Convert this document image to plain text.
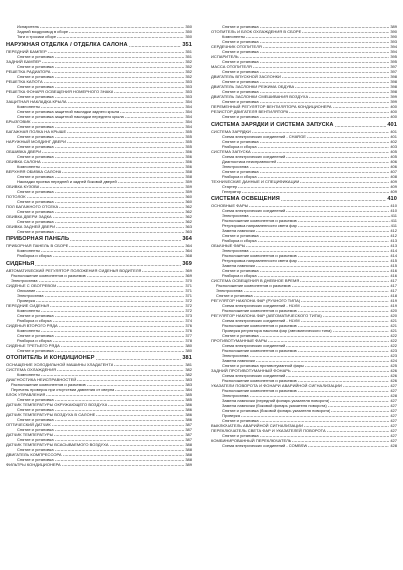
Испаритель	350
Задний воздуховод в сборе	350
Тяги и тросики сборе	350
НАРУЖНАЯ ОТДЕЛКА / ОТДЕЛКА САЛОНА	351
ПЕРЕДНИЙ БАМПЕР	351
Снятие и установка	351
ЗАДНИЙ БАМПЕР	352
Снятие и установка	352
РЕШЕТКА РАДИАТОРА	352
Снятие и установка	352
РЕШЕТКА КАПОТА	353
Снятие и установка	353
РЕШЕТКА ФОНАРЯ ОСВЕЩЕНИЯ НОМЕРНОГО ЗНАКА	353
Снятие и установка	353
ЗАЩИТНАЯ НАКЛАДКА КРЫЛА	354
Компоненты	354
Снятие и установка защитной накладки заднего крыла	354
Снятие и установка защитной накладки переднего крыла	354
БРЫЗГОВИК	354
Снятие и установка	354
БАГАЖНАЯ ПОЛКА НА КРЫШЕ	355
Снятие и установка	355
НАРУЖНЫЙ МОЛДИНГ ДВЕРИ	355
Снятие и установка	355
ОБШИВКА ДВЕРИ	356
Снятие и установка	356
ОБИВКА САЛОНА	356
Компоненты	356
ВЕРХНЯЯ ОБИВКА САЛОНА	358
Снятие и установка	358
Накладки проема передней и задней боковой дверей	359
ОБИВКА КУЗОВА	359
Снятие и установка	359
ПОТОЛОК	360
Снятие и установка	360
ПОЛ БАГАЖНОГО ОТСЕКА	362
Снятие и установка	362
ОБИВКА ДВЕРИ ЗАДКА	362
Снятие и установка	362
ОБИВКА ЗАДНЕЙ ДВЕРИ	363
Снятие и установка	363
ПРИБОРНАЯ ПАНЕЛЬ	364
ПРИБОРНАЯ ПАНЕЛЬ В СБОРЕ	364
Компоненты	364
Разборка и сборка	368
СИДЕНЬЯ	369
АВТОМАТИЧЕСКИЙ РЕГУЛЯТОР ПОЛОЖЕНИЯ СИДЕНЬЯ ВОДИТЕЛЯ	369
Расположение компонентов и разъемов	369
Электросхема	370
СИДЕНЬЕ С ОБОГРЕВОМ	371
Описание	371
Электросхема	371
Проверка	372
ПЕРЕДНИЕ СИДЕНЬЯ	372
Компоненты	372
Снятие и установка	373
Разборка и сборка	374
СИДЕНЬЯ ВТОРОГО РЯДА	376
Компоненты	376
Снятие и установка	377
Разборка и сборка	378
СИДЕНЬЕ ТРЕТЬЕГО РЯДА	380
Снятие и установка	380
ОТОПИТЕЛЬ И КОНДИЦИОНЕР	381
ОСНАЩЕНИЕ ХОЛОДИЛЬНОЙ МАШИНЫ ХЛАДАГЕНТА	381
СИСТЕМА ОХЛАЖДЕНИЯ	382
Компоненты	382
ДИАГНОСТИКА НЕИСПРАВНОСТЕЙ	383
Расположение компонентов и разъемов	383
Перечень проверок при отсутствии давления от сверна	384
БЛОК УПРАВЛЕНИЯ	385
Снятие и установка	385
ДАТЧИК ТЕМПЕРАТУРЫ ОКРУЖАЮЩЕГО ВОЗДУХА	386
Снятие и установка	386
ДАТЧИК ТЕМПЕРАТУРЫ ВОЗДУХА В САЛОНЕ	386
Снятие и установка	386
ОПТИЧЕСКИЙ ДАТЧИК	387
Снятие и установка	387
ДАТЧИК ТЕМПЕРАТУРЫ	387
Снятие и установка	387
ДАТЧИК ТЕМПЕРАТУРЫ ВСАСЫВАЕМОГО ВОЗДУХА	388
Снятие и установка	388
ДВИГАТЕЛЬ КОМПРЕССОРА	388
Снятие и установка	388
ФИЛЬТРЫ КОНДИЦИОНЕРА	389
Снятие и установка	389
ОТОПИТЕЛЬ И БЛОК ОХЛАЖДЕНИЯ В СБОРЕ	390
Компоненты	390
Снятие и установка	393
СЕРДЕЧНИК ОТОПИТЕЛЯ	394
Снятие и установка	394
ИСПАРИТЕЛЬ	395
Снятие и установка	395
МАССА ОТОПИТЕЛЯ	397
Снятие и установка	397
ДВИГАТЕЛЬ ВПУСКНОЙ ЗАСЛОНКИ	398
Снятие и установка	398
ДВИГАТЕЛЬ ЗАСЛОНКИ РЕЖИМА ОБДУВА	398
Снятие и установка	398
ДВИГАТЕЛЬ ЗАСЛОНКИ СМЕШИВАНИЯ ВОЗДУХА	399
Снятие и установка	399
ПЕРЕМЕННЫЙ РЕГУЛЯТОР ВЕНТИЛЯТОРА КОНДИЦИОНЕРА	400
РЕЗИСТОР ДВИГАТЕЛЯ ВЕНТИЛЯТОРА	400
Снятие и установка	400
СИСТЕМА ЗАРЯДКИ И СИСТЕМА ЗАПУСКА	401
СИСТЕМА ЗАРЯДКИ	401
Схема электрических соединений - CHARGE	401
Снятие и установка	402
Разборка и сборка	403
СИСТЕМА ЗАПУСКА	405
Схема электрических соединений	405
Диагностика неисправностей	406
Электросхема	406
Снятие и установка	407
Разборка и сборка	408
ТЕХНИЧЕСКИЕ ДАННЫЕ И СПЕЦИФИКАЦИИ	409
Стартер	409
Генератор	409
СИСТЕМА ОСВЕЩЕНИЯ	410
ОСНОВНЫЕ ФАРЫ	410
Схема электрических соединений	410
Электросхема	411
Расположение компонентов и разъемов	411
Регулировка направленности света фар	411
Замена лампочки	412
Снятие и установка	412
Разборка и сборка	413
ОБЫЧНЫЕ ФАРЫ	413
Электросхема	414
Расположение компонентов и разъемов	414
Регулировка направленности света фар	415
Замена лампочки	415
Снятие и установка	416
Разборка и сборка	416
СИСТЕМА ОСВЕЩЕНИЯ В ДНЕВНОЕ ВРЕМЯ	417
Расположение компонентов и разъемов	417
Электросхема	417
Снятие и установка	418
РЕГУЛЯТОР НАКЛОНА ФАР (РУЧНОГО ТИПА)	419
Схема электрических соединений - HLVM	419
Расположение компонентов и разъемов	420
РЕГУЛЯТОР НАКЛОНА ФАР (АВТОМАТИЧЕСКОГО ТИПА)	420
Схема электрических соединений - HLVM	421
Расположение компонентов и разъемов	421
Проверка регулятора наклона фар (автоматического типа)	421
Снятие и установка	422
ПРОТИВОТУМАННЫЕ ФАРЫ	422
Схема электрических соединений	422
Расположение компонентов и разъемов	423
Электросхема	423
Замена лампочки	424
Снятие и установка противотуманной фары	425
ЗАДНИЙ ПРОТИВОТУМАННЫЙ ФОНАРЬ	426
Схема электрических соединений	426
Расположение компонентов и разъемов	426
УКАЗАТЕЛИ ПОВОРОТА И ФОНАРИ АВАРИЙНОЙ СИГНАЛИЗАЦИИ	427
Расположение компонентов и разъемов	427
Электросхема	428
Замена лампочки (передний фонарь указателя поворота)	427
Замена лампочки (боковой фонарь указателя поворота)	427
Снятие и установка (боковой фонарь указателя поворота)	427
Проверка	427
Снятие и установка	427
ВЫКЛЮЧАТЕЛЬ АВАРИЙНОЙ СИГНАЛИЗАЦИИ	427
ПЕРЕКЛЮЧАТЕЛЬ СВЕТА ФАР И УКАЗАТЕЛЕЙ ПОВОРОТА	427
Снятие и установка	427
КОМБИНИРОВАННЫЙ ПЕРЕКЛЮЧАТЕЛЬ	427
Схема электрических соединений - COMBSW	428
